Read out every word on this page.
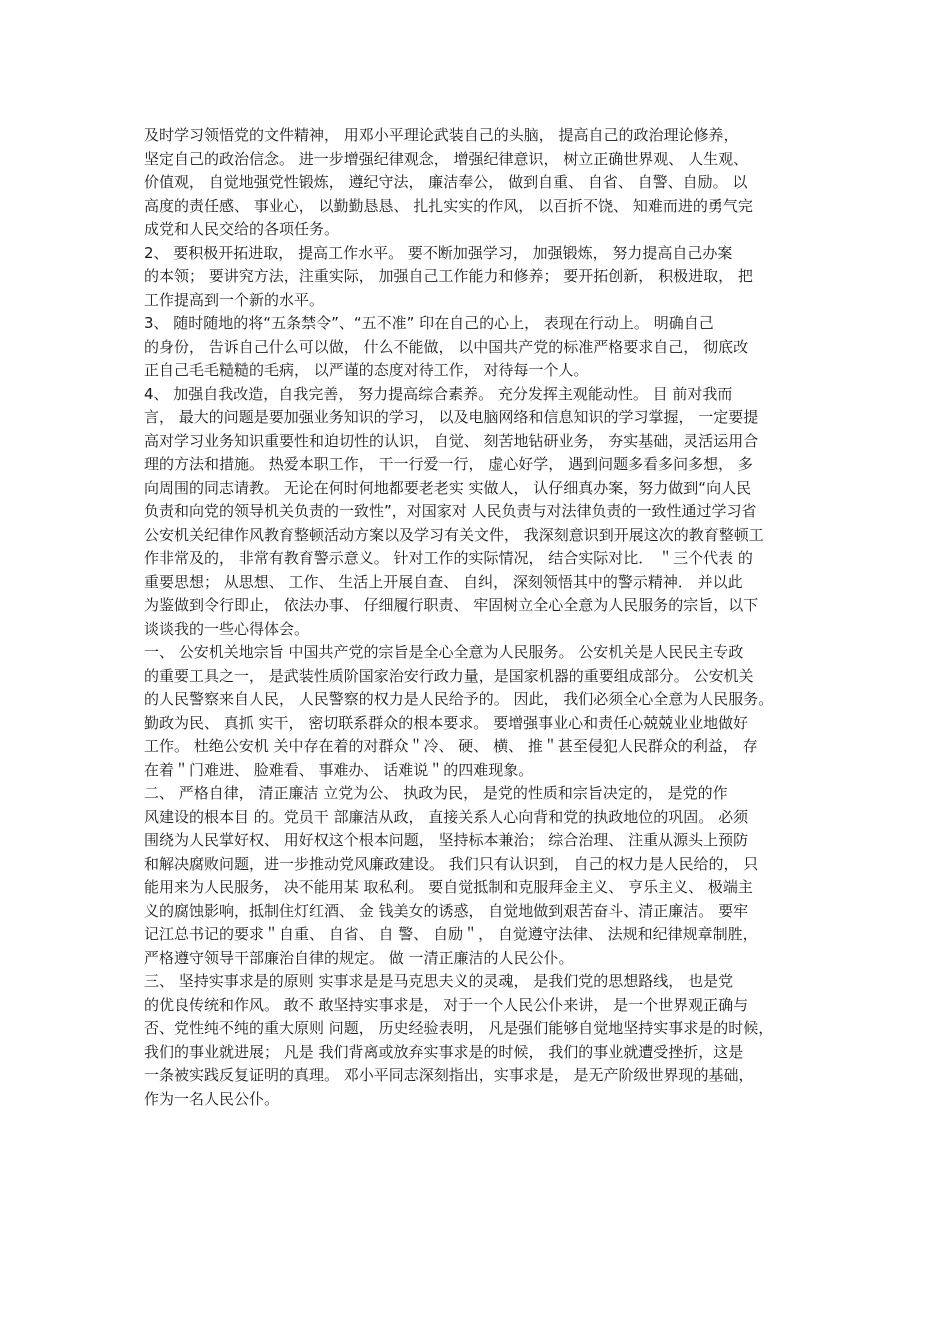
及时学习领悟党的文件精神， 用邓小平理论武装自己的头脑， 提高自己的政治理论修养，
坚定自己的政治信念。 进一步增强纪律观念， 增强纪律意识， 树立正确世界观、 人生观、
价值观， 自觉地强党性锻炼， 遵纪守法， 廉洁奉公， 做到自重、 自省、 自警、自励。 以
高度的责任感、 事业心， 以勤勤恳恳、 扎扎实实的作风， 以百折不饶、 知难而进的勇气完
成党和人民交给的各项任务。
2、 要积极开拓进取， 提高工作水平。 要不断加强学习， 加强锻炼， 努力提高自己办案
的本领； 要讲究方法，注重实际， 加强自己工作能力和修养； 要开拓创新， 积极进取， 把
工作提高到一个新的水平。
3、 随时随地的将“五条禁令”、“五不准” 印在自己的心上， 表现在行动上。 明确自己
的身份， 告诉自己什么可以做， 什么不能做， 以中国共产党的标准严格要求自己， 彻底改
正自己毛毛糙糙的毛病， 以严谨的态度对待工作， 对待每一个人。
4、 加强自我改造，自我完善， 努力提高综合素养。 充分发挥主观能动性。 目 前对我而
言， 最大的问题是要加强业务知识的学习， 以及电脑网络和信息知识的学习掌握， 一定要提
高对学习业务知识重要性和迫切性的认识， 自觉、 刻苦地钻研业务， 夯实基础，灵活运用合
理的方法和措施。 热爱本职工作， 干一行爱一行， 虚心好学， 遇到问题多看多问多想， 多
向周围的同志请教。 无论在何时何地都要老老实 实做人， 认仔细真办案，努力做到“向人民
负责和向党的领导机关负责的一致性”，对国家对 人民负责与对法律负责的一致性通过学习省
公安机关纪律作风教育整顿活动方案以及学习有关文件， 我深刻意识到开展这次的教育整顿工
作非常及的， 非常有教育警示意义。 针对工作的实际情况， 结合实际对比． ＂三个代表 的
重要思想； 从思想、 工作、 生活上开展自查、 自纠， 深刻领悟其中的警示精神． 并以此
为鉴做到令行即止， 依法办事、 仔细履行职责、 牢固树立全心全意为人民服务的宗旨，以下
谈谈我的一些心得体会。
一、 公安机关地宗旨 中国共产党的宗旨是全心全意为人民服务。 公安机关是人民民主专政
的重要工具之一， 是武装性质阶国家治安行政力量，是国家机器的重要组成部分。 公安机关
的人民警察来自人民， 人民警察的权力是人民给予的。 因此， 我们必须全心全意为人民服务。
勤政为民、 真抓 实干， 密切联系群众的根本要求。 要增强事业心和责任心兢兢业业地做好
工作。 杜绝公安机 关中存在着的对群众＂冷、 硬、 横、 推＂甚至侵犯人民群众的利益， 存
在着＂门难进、 脸难看、 事难办、 话难说＂的四难现象。
二、 严格自律， 清正廉洁 立党为公、 执政为民， 是党的性质和宗旨决定的， 是党的作
风建设的根本目 的。党员干 部廉洁从政， 直接关系人心向背和党的执政地位的巩固。 必须
围绕为人民掌好权、 用好权这个根本问题， 坚持标本兼治； 综合治理、 注重从源头上预防
和解决腐败问题，进一步推动党风廉政建设。 我们只有认识到， 自己的权力是人民给的， 只
能用来为人民服务， 决不能用某 取私利。 要自觉抵制和克服拜金主义、 亨乐主义、 极端主
义的腐蚀影响，抵制住灯红酒、 金 钱美女的诱惑， 自觉地做到艰苦奋斗、清正廉洁。 要牢
记江总书记的要求＂自重、 自省、 自 警、 自励＂， 自觉遵守法律、 法规和纪律规章制胜，
严格遵守领导干部廉治自律的规定。 做 一清正廉洁的人民公仆。
三、 坚持实事求是的原则 实事求是是马克思夫义的灵魂， 是我们党的思想路线， 也是党
的优良传统和作风。 敢不 敢坚持实事求是， 对于一个人民公仆来讲， 是一个世界观正确与
否、党性纯不纯的重大原则 问题， 历史经验表明， 凡是强们能够自觉地坚持实事求是的时候，
我们的事业就进展； 凡是 我们背离或放弃实事求是的时候， 我们的事业就遭受挫折，这是
一条被实践反复证明的真理。 邓小平同志深刻指出，实事求是， 是无产阶级世界现的基础，
作为一名人民公仆。
